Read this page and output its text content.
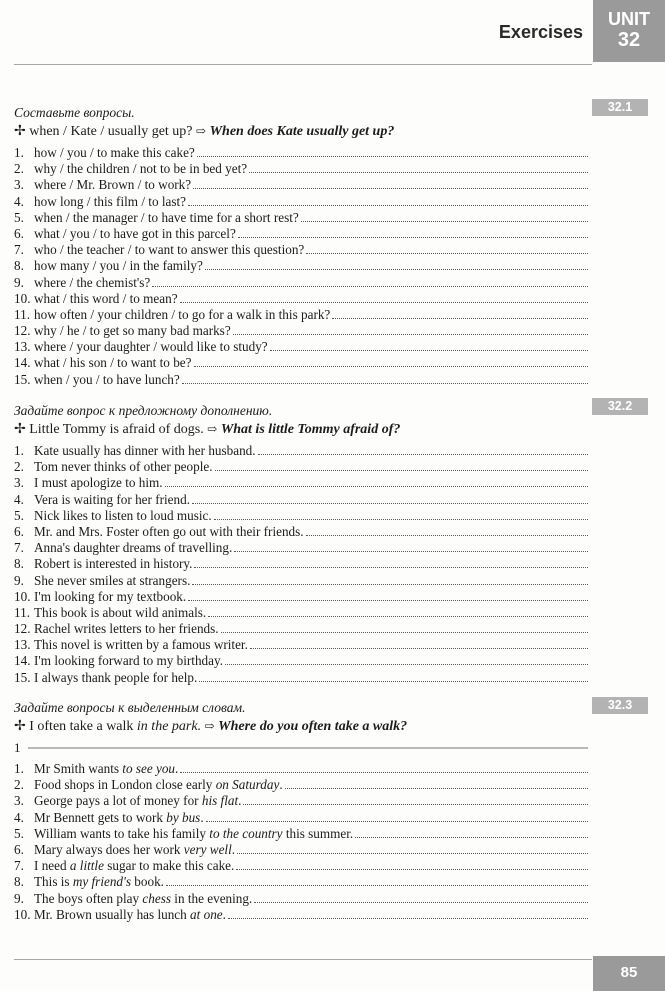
Exercises
UNIT
32
32.1
Составьте вопросы.
✢ when / Kate / usually get up? ⇨ When does Kate usually get up?
1. how / you / to make this cake?
2. why / the children / not to be in bed yet?
3. where / Mr. Brown / to work?
4. how long / this film / to last?
5. when / the manager / to have time for a short rest?
6. what / you / to have got in this parcel?
7. who / the teacher / to want to answer this question?
8. how many / you / in the family?
9. where / the chemist's?
10. what / this word / to mean?
11. how often / your children / to go for a walk in this park?
12. why / he / to get so many bad marks?
13. where / your daughter / would like to study?
14. what / his son / to want to be?
15. when / you / to have lunch?
32.2
Задайте вопрос к предложному дополнению.
✢ Little Tommy is afraid of dogs. ⇨ What is little Tommy afraid of?
1. Kate usually has dinner with her husband.
2. Tom never thinks of other people.
3. I must apologize to him.
4. Vera is waiting for her friend.
5. Nick likes to listen to loud music.
6. Mr. and Mrs. Foster often go out with their friends.
7. Anna's daughter dreams of travelling.
8. Robert is interested in history.
9. She never smiles at strangers.
10. I'm looking for my textbook.
11. This book is about wild animals.
12. Rachel writes letters to her friends.
13. This novel is written by a famous writer.
14. I'm looking forward to my birthday.
15. I always thank people for help.
32.3
Задайте вопросы к выделенным словам.
✢ I often take a walk in the park. ⇨ Where do you often take a walk?
1
1. Mr Smith wants to see you.
2. Food shops in London close early on Saturday.
3. George pays a lot of money for his flat.
4. Mr Bennett gets to work by bus.
5. William wants to take his family to the country this summer.
6. Mary always does her work very well.
7. I need a little sugar to make this cake.
8. This is my friend's book.
9. The boys often play chess in the evening.
10. Mr. Brown usually has lunch at one.
85
